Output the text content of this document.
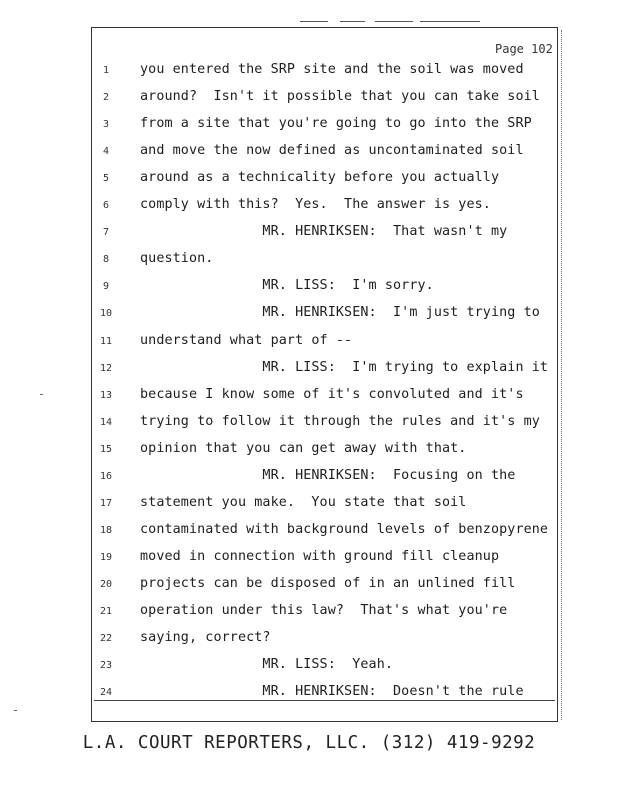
Page 102
1	you entered the SRP site and the soil was moved
2	around?  Isn't it possible that you can take soil
3	from a site that you're going to go into the SRP
4	and move the now defined as uncontaminated soil
5	around as a technicality before you actually
6	comply with this?  Yes.  The answer is yes.
7	MR. HENRIKSEN:  That wasn't my
8	question.
9	MR. LISS:  I'm sorry.
10 MR. HENRIKSEN:  I'm just trying to
11 understand what part of --
12 MR. LISS:  I'm trying to explain it
13 because I know some of it's convoluted and it's
14 trying to follow it through the rules and it's my
15 opinion that you can get away with that.
16 MR. HENRIKSEN:  Focusing on the
17 statement you make.  You state that soil
18 contaminated with background levels of benzopyrene
19 moved in connection with ground fill cleanup
20 projects can be disposed of in an unlined fill
21 operation under this law?  That's what you're
22 saying, correct?
23 MR. LISS:  Yeah.
24 MR. HENRIKSEN:  Doesn't the rule
L.A. COURT REPORTERS, LLC. (312) 419-9292
